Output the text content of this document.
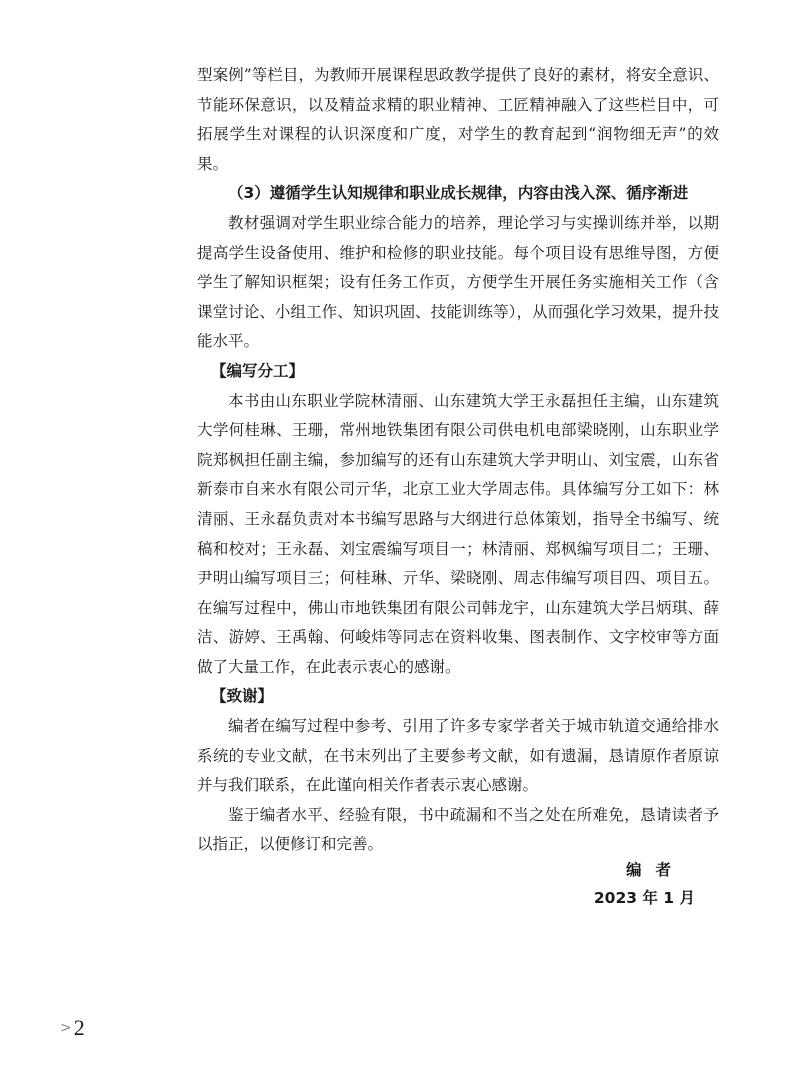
型案例”等栏目，为教师开展课程思政教学提供了良好的素材，将安全意识、节能环保意识，以及精益求精的职业精神、工匠精神融入了这些栏目中，可拓展学生对课程的认识深度和广度，对学生的教育起到“润物细无声”的效果。

（3）遵循学生认知规律和职业成长规律，内容由浅入深、循序渐进

教材强调对学生职业综合能力的培养，理论学习与实操训练并举，以期提高学生设备使用、维护和检修的职业技能。每个项目设有思维导图，方便学生了解知识框架；设有任务工作页，方便学生开展任务实施相关工作（含课堂讨论、小组工作、知识巩固、技能训练等），从而强化学习效果，提升技能水平。

【编写分工】

本书由山东职业学院林清丽、山东建筑大学王永磊担任主编，山东建筑大学何桂琳、王珊，常州地铁集团有限公司供电机电部梁晓刚，山东职业学院郑枫担任副主编，参加编写的还有山东建筑大学尹明山、刘宝震，山东省新泰市自来水有限公司亓华，北京工业大学周志伟。具体编写分工如下：林清丽、王永磊负责对本书编写思路与大纲进行总体策划，指导全书编写、统稿和校对；王永磊、刘宝震编写项目一；林清丽、郑枫编写项目二；王珊、尹明山编写项目三；何桂琳、亓华、梁晓刚、周志伟编写项目四、项目五。在编写过程中，佛山市地铁集团有限公司韩龙宇，山东建筑大学吕炳琪、薛洁、游婷、王禹翰、何峻炜等同志在资料收集、图表制作、文字校审等方面做了大量工作，在此表示衷心的感谢。

【致谢】

编者在编写过程中参考、引用了许多专家学者关于城市轨道交通给排水系统的专业文献，在书末列出了主要参考文献，如有遗漏，恳请原作者原谅并与我们联系，在此谨向相关作者表示衷心感谢。

鉴于编者水平、经验有限，书中疏漏和不当之处在所难免，恳请读者予以指正，以便修订和完善。

编者
2023 年 1 月
> 2
